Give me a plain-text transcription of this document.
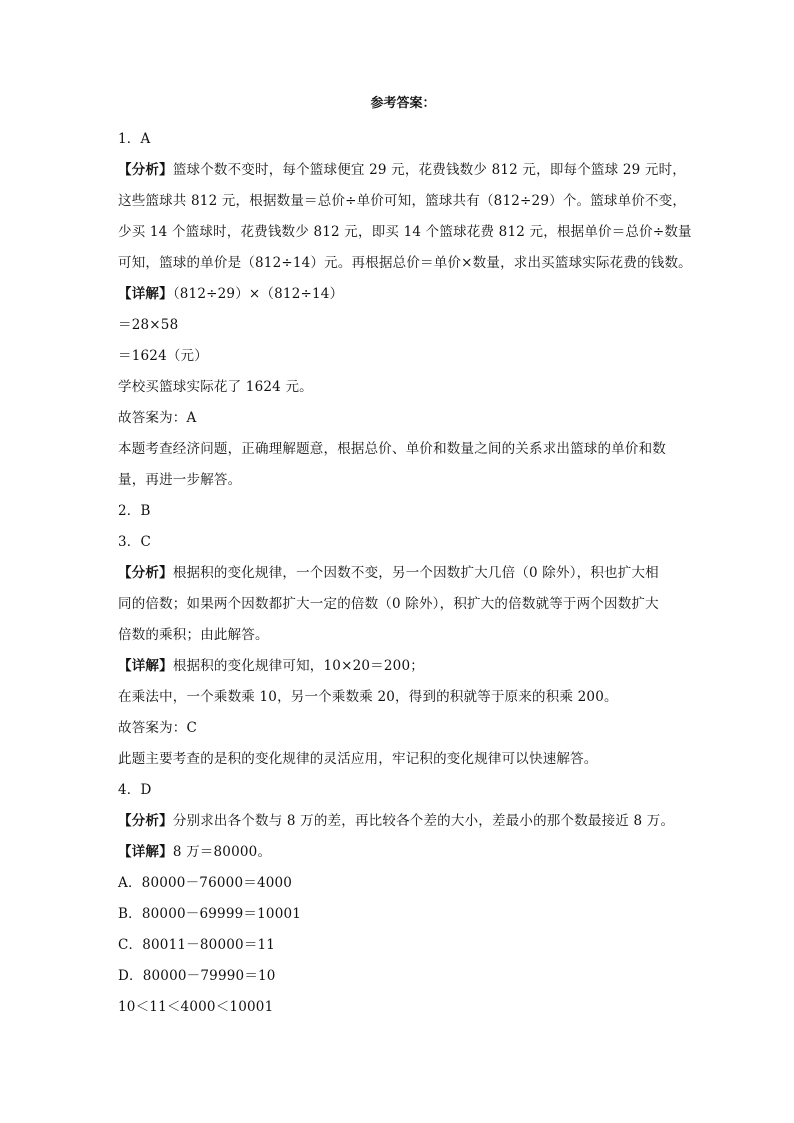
参考答案：
1．A
【分析】篮球个数不变时，每个篮球便宜 29 元，花费钱数少 812 元，即每个篮球 29 元时，
这些篮球共 812 元，根据数量＝总价÷单价可知，篮球共有（812÷29）个。篮球单价不变，
少买 14 个篮球时，花费钱数少 812 元，即买 14 个篮球花费 812 元，根据单价＝总价÷数量
可知，篮球的单价是（812÷14）元。再根据总价＝单价×数量，求出买篮球实际花费的钱数。
【详解】（812÷29）×（812÷14）
＝28×58
＝1624（元）
学校买篮球实际花了 1624 元。
故答案为：A
本题考查经济问题，正确理解题意，根据总价、单价和数量之间的关系求出篮球的单价和数
量，再进一步解答。
2．B
3．C
【分析】根据积的变化规律，一个因数不变，另一个因数扩大几倍（0 除外），积也扩大相
同的倍数；如果两个因数都扩大一定的倍数（0 除外），积扩大的倍数就等于两个因数扩大
倍数的乘积；由此解答。
【详解】根据积的变化规律可知，10×20＝200；
在乘法中，一个乘数乘 10，另一个乘数乘 20，得到的积就等于原来的积乘 200。
故答案为：C
此题主要考查的是积的变化规律的灵活应用，牢记积的变化规律可以快速解答。
4．D
【分析】分别求出各个数与 8 万的差，再比较各个差的大小，差最小的那个数最接近 8 万。
【详解】8 万＝80000。
A．80000－76000＝4000
B．80000－69999＝10001
C．80011－80000＝11
D．80000－79990＝10
10＜11＜4000＜10001
